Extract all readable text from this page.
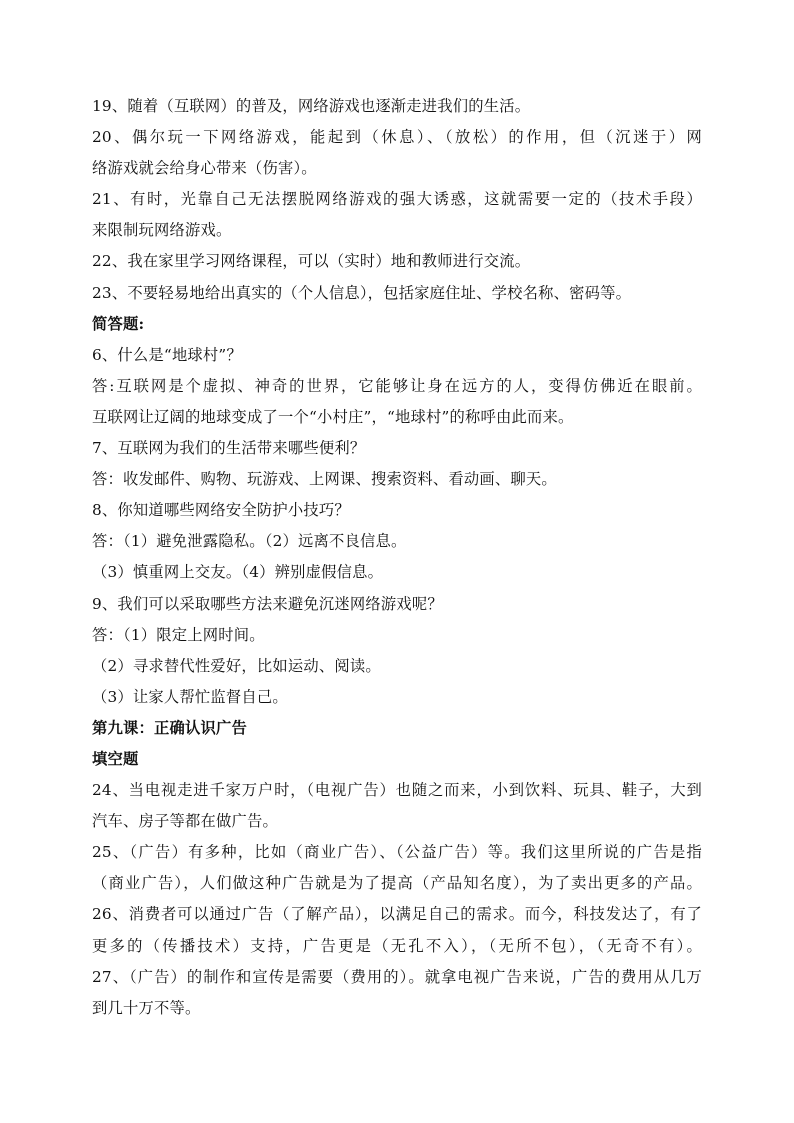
19、随着（互联网）的普及，网络游戏也逐渐走进我们的生活。
20、偶尔玩一下网络游戏，能起到（休息）、（放松）的作用，但（沉迷于）网
络游戏就会给身心带来（伤害）。
21、有时，光靠自己无法摆脱网络游戏的强大诱惑，这就需要一定的（技术手段）
来限制玩网络游戏。
22、我在家里学习网络课程，可以（实时）地和教师进行交流。
23、不要轻易地给出真实的（个人信息），包括家庭住址、学校名称、密码等。
简答题:
6、什么是“地球村”？
答:互联网是个虚拟、神奇的世界，它能够让身在远方的人，变得仿佛近在眼前。
互联网让辽阔的地球变成了一个“小村庄”，“地球村”的称呼由此而来。
7、互联网为我们的生活带来哪些便利？
答：收发邮件、购物、玩游戏、上网课、搜索资料、看动画、聊天。
8、你知道哪些网络安全防护小技巧？
答：（1）避免泄露隐私。（2）远离不良信息。
（3）慎重网上交友。（4）辨别虚假信息。
9、我们可以采取哪些方法来避免沉迷网络游戏呢？
答：（1）限定上网时间。
（2）寻求替代性爱好，比如运动、阅读。
（3）让家人帮忙监督自己。
第九课：正确认识广告
填空题
24、当电视走进千家万户时，（电视广告）也随之而来，小到饮料、玩具、鞋子，大到
汽车、房子等都在做广告。
25、（广告）有多种，比如（商业广告）、（公益广告）等。我们这里所说的广告是指
（商业广告），人们做这种广告就是为了提高（产品知名度），为了卖出更多的产品。
26、消费者可以通过广告（了解产品），以满足自己的需求。而今，科技发达了，有了
更多的（传播技术）支持，广告更是（无孔不入），（无所不包），（无奇不有）。
27、（广告）的制作和宣传是需要（费用的）。就拿电视广告来说，广告的费用从几万
到几十万不等。
